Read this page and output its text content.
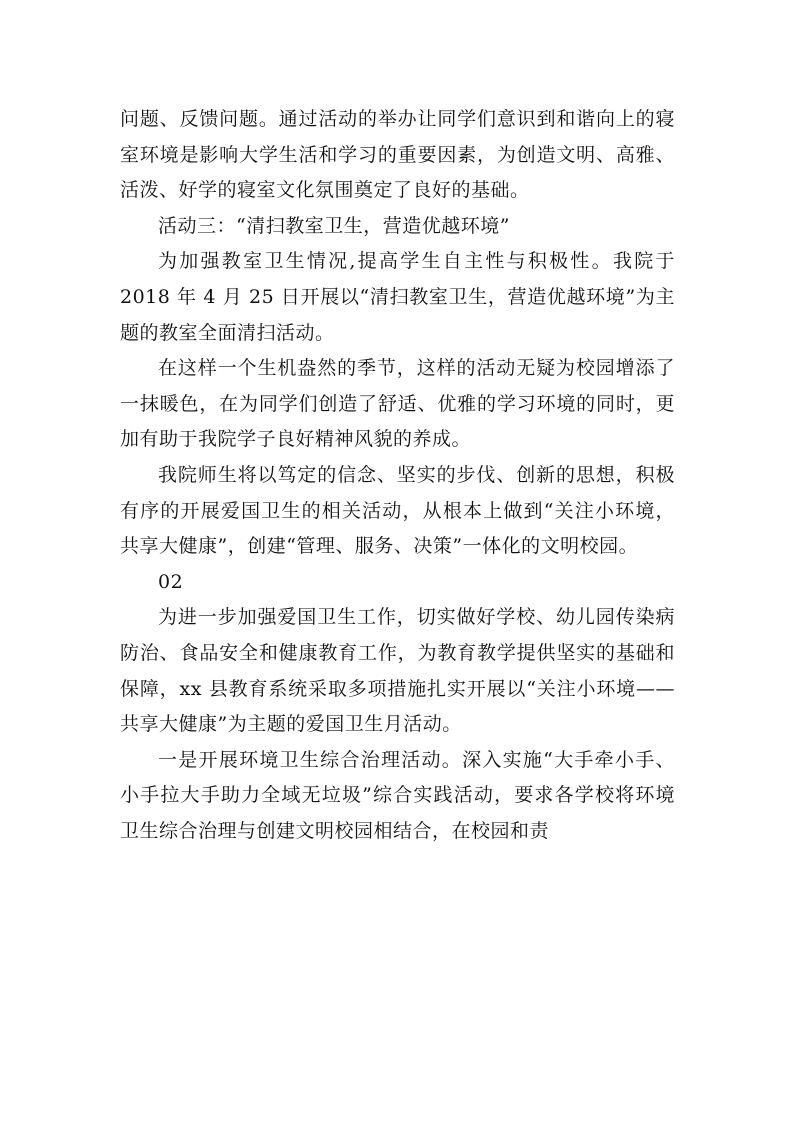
问题、反馈问题。通过活动的举办让同学们意识到和谐向上的寝室环境是影响大学生活和学习的重要因素，为创造文明、高雅、活泼、好学的寝室文化氛围奠定了良好的基础。

活动三：“清扫教室卫生，营造优越环境”

为加强教室卫生情况,提高学生自主性与积极性。我院于 2018 年 4 月 25 日开展以“清扫教室卫生，营造优越环境”为主题的教室全面清扫活动。

在这样一个生机盎然的季节，这样的活动无疑为校园增添了一抹暖色，在为同学们创造了舒适、优雅的学习环境的同时，更加有助于我院学子良好精神风貌的养成。

我院师生将以笃定的信念、坚实的步伐、创新的思想，积极有序的开展爱国卫生的相关活动，从根本上做到“关注小环境，共享大健康”，创建“管理、服务、决策”一体化的文明校园。

02

为进一步加强爱国卫生工作，切实做好学校、幼儿园传染病防治、食品安全和健康教育工作，为教育教学提供坚实的基础和保障，xx 县教育系统采取多项措施扎实开展以“关注小环境——共享大健康”为主题的爱国卫生月活动。

一是开展环境卫生综合治理活动。深入实施“大手牵小手、小手拉大手助力全域无垃圾”综合实践活动，要求各学校将环境卫生综合治理与创建文明校园相结合，在校园和责
